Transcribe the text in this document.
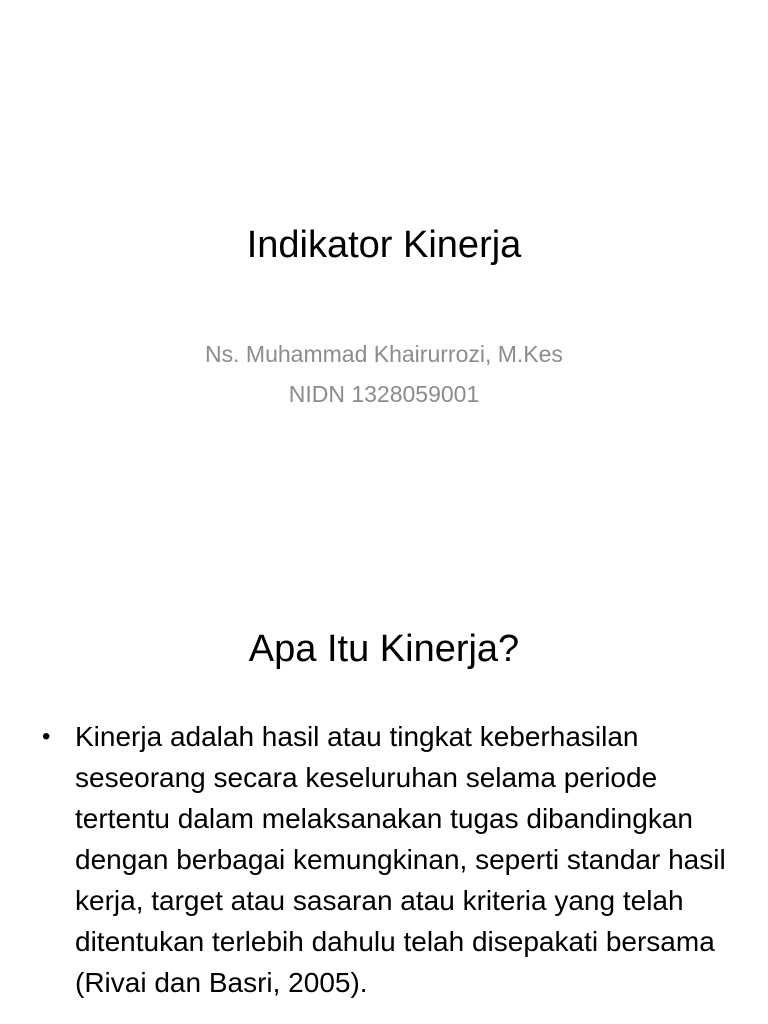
Indikator Kinerja
Ns. Muhammad Khairurrozi, M.Kes
NIDN 1328059001
Apa Itu Kinerja?
• Kinerja adalah hasil atau tingkat keberhasilan seseorang secara keseluruhan selama periode tertentu dalam melaksanakan tugas dibandingkan dengan berbagai kemungkinan, seperti standar hasil kerja, target atau sasaran atau kriteria yang telah ditentukan terlebih dahulu telah disepakati bersama (Rivai dan Basri, 2005).
